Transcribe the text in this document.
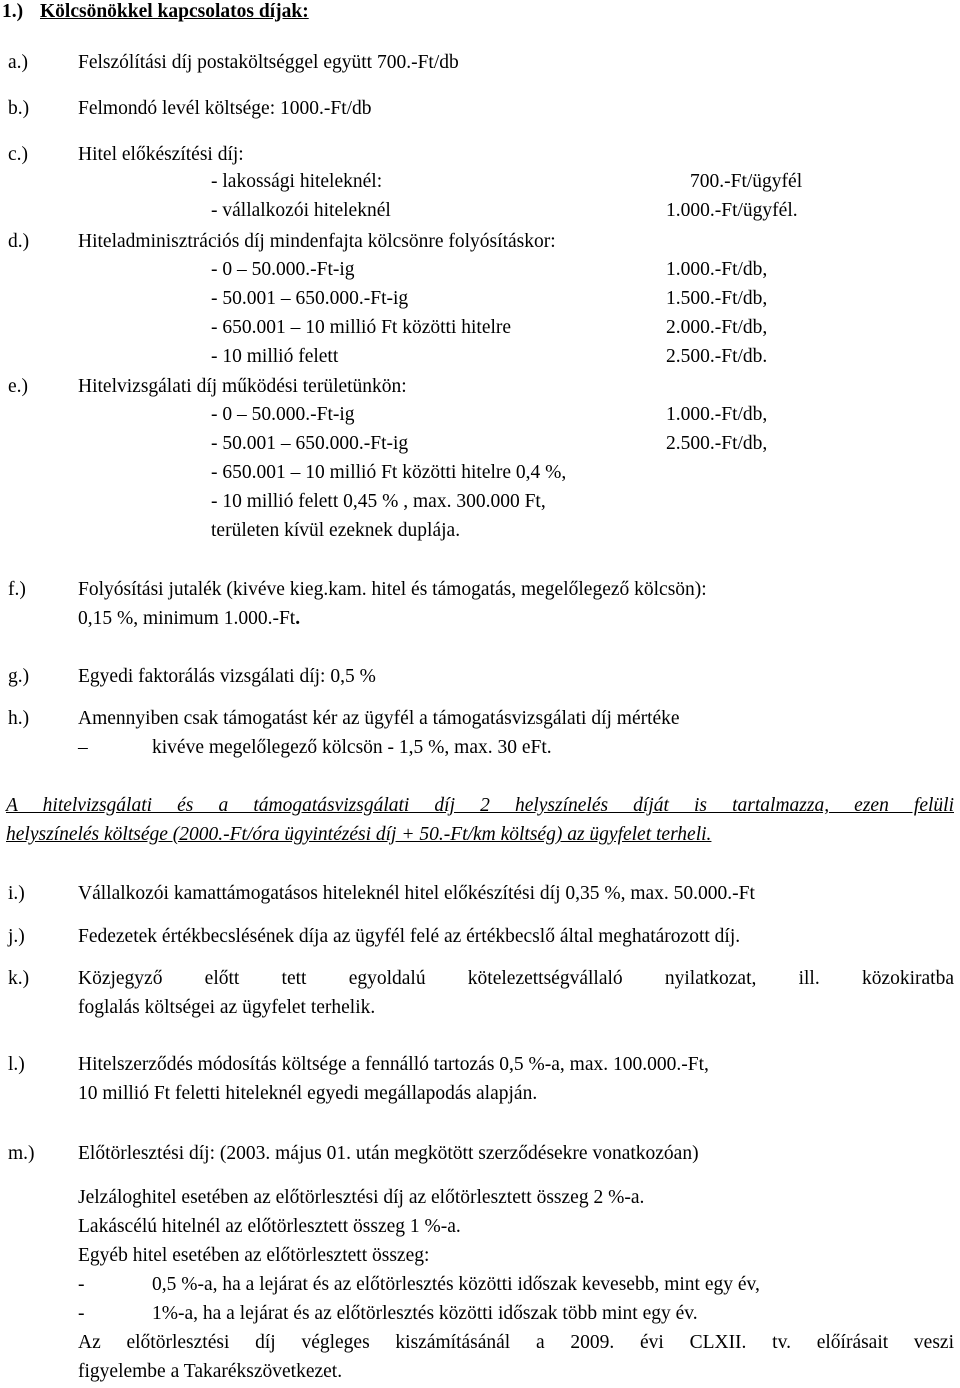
1.) Kölcsönökkel kapcsolatos díjak:
a.)	Felszólítási díj postaköltséggel együtt 700.-Ft/db
b.)	Felmondó levél költsége: 1000.-Ft/db
c.)	Hitel előkészítési díj:
- lakossági hiteleknél:	700.-Ft/ügyfél
- vállalkozói hiteleknél	1.000.-Ft/ügyfél.
d.)	Hiteladminisztrációs díj mindenfajta kölcsönre folyósításkor:
- 0 – 50.000.-Ft-ig	1.000.-Ft/db,
- 50.001 – 650.000.-Ft-ig	1.500.-Ft/db,
- 650.001 – 10 millió Ft közötti hitelre	2.000.-Ft/db,
- 10 millió felett	2.500.-Ft/db.
e.)	Hitelvizsgálati díj működési területünkön:
- 0 – 50.000.-Ft-ig	1.000.-Ft/db,
- 50.001 – 650.000.-Ft-ig	2.500.-Ft/db,
- 650.001 – 10 millió Ft közötti hitelre 0,4 %,
- 10 millió felett 0,45 % , max. 300.000 Ft,
területen kívül ezeknek duplája.
f.)	Folyósítási jutalék (kivéve kieg.kam. hitel és támogatás, megelőlegező kölcsön):
0,15 %, minimum 1.000.-Ft.
g.)	Egyedi faktorálás vizsgálati díj: 0,5 %
h.)	Amennyiben csak támogatást kér az ügyfél a támogatásvizsgálati díj mértéke
–	kivéve megelőlegező kölcsön - 1,5 %, max. 30 eFt.
A hitelvizsgálati és a támogatásvizsgálati díj 2 helyszínelés díját is tartalmazza, ezen felüli
helyszínelés költsége (2000.-Ft/óra ügyintézési díj + 50.-Ft/km költség) az ügyfelet terheli.
i.)	Vállalkozói kamattámogatásos hiteleknél hitel előkészítési díj 0,35 %, max. 50.000.-Ft
j.)	Fedezetek értékbecslésének díja az ügyfél felé az értékbecslő által meghatározott díj.
k.)	Közjegyző előtt tett egyoldalú kötelezettségvállaló nyilatkozat, ill. közokiratba
foglalás költségei az ügyfelet terhelik.
l.)	Hitelszerződés módosítás költsége a fennálló tartozás 0,5 %-a, max. 100.000.-Ft,
10 millió Ft feletti hiteleknél egyedi megállapodás alapján.
m.) Előtörlesztési díj: (2003. május 01. után megkötött szerződésekre vonatkozóan)
Jelzáloghitel esetében az előtörlesztési díj az előtörlesztett összeg 2 %-a.
Lakáscélú hitelnél az előtörlesztett összeg 1 %-a.
Egyéb hitel esetében az előtörlesztett összeg:
-	0,5 %-a, ha a lejárat és az előtörlesztés közötti időszak kevesebb, mint egy év,
-	1%-a, ha a lejárat és az előtörlesztés közötti időszak több mint egy év.
Az előtörlesztési díj végleges kiszámításánál a 2009. évi CLXII. tv. előírásait veszi
figyelembe a Takarékszövetkezet.
